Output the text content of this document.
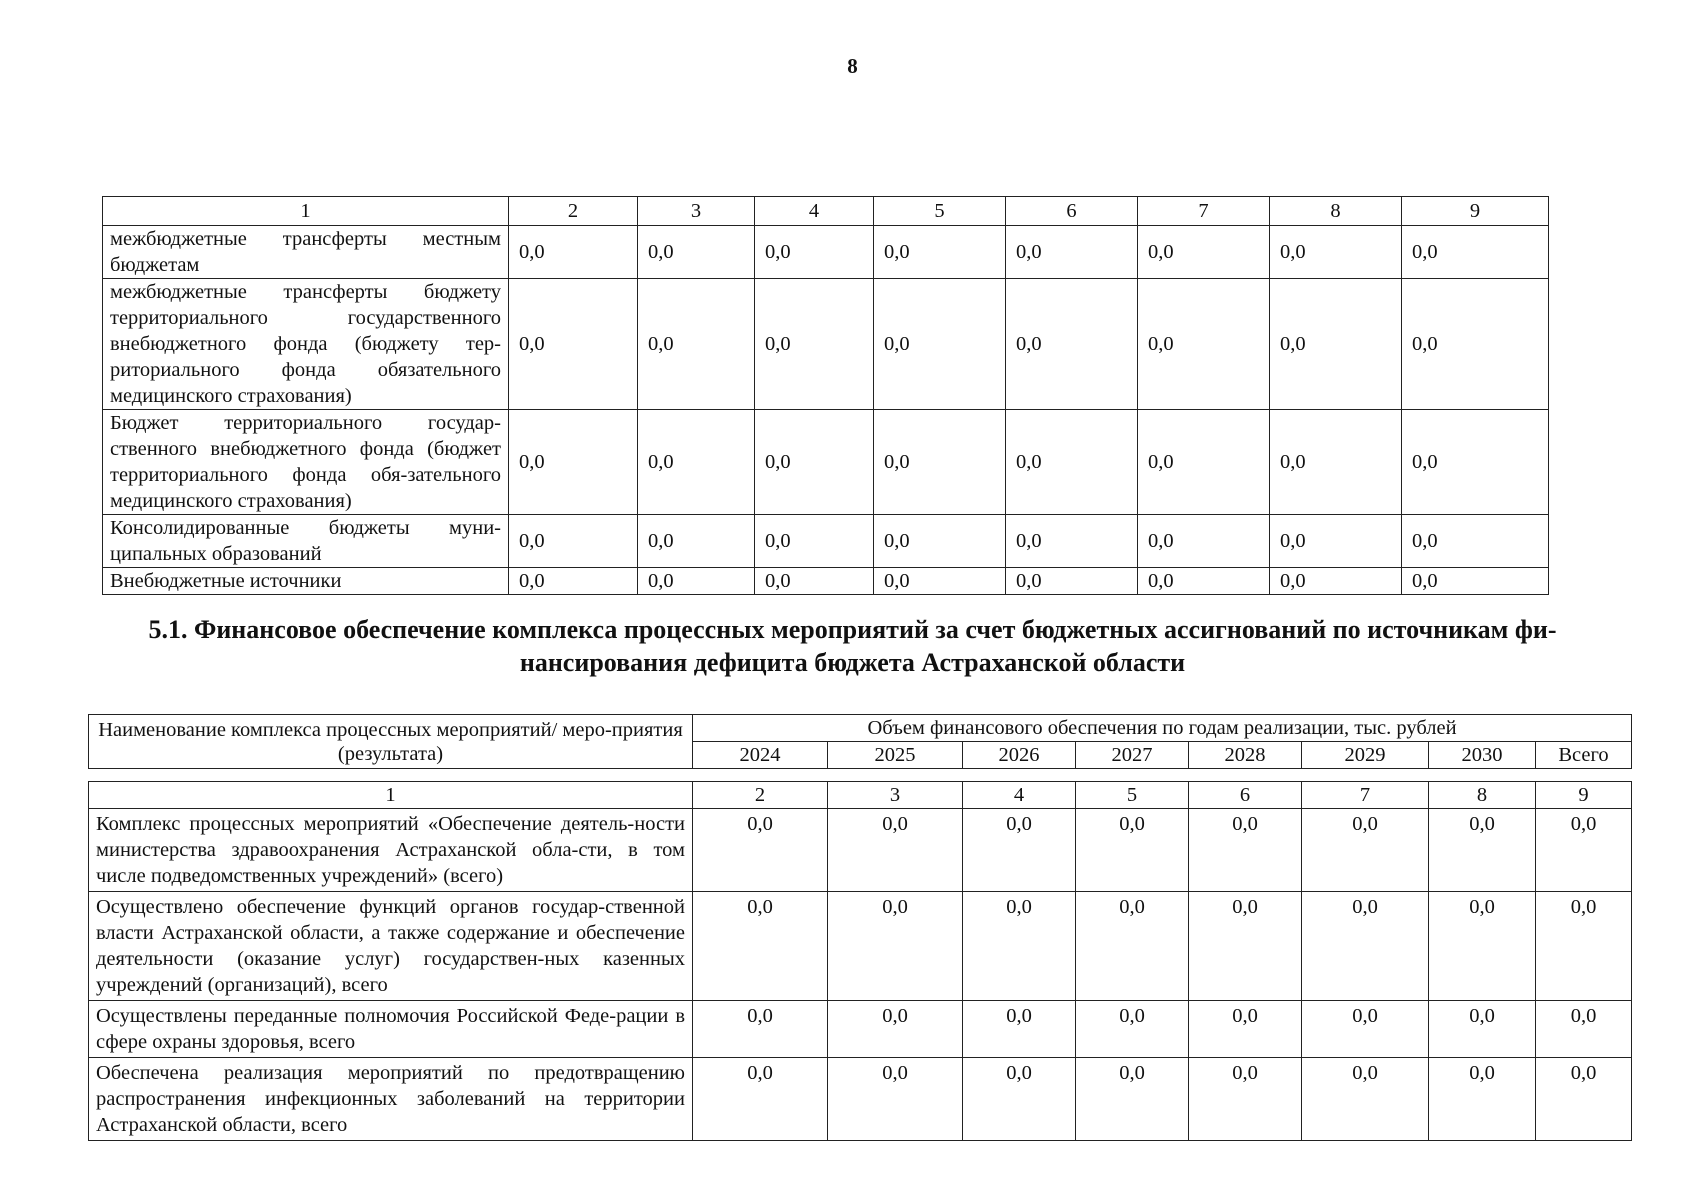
8
1	2	3	4	5	6	7	8	9
межбюджетные трансферты местным бюджетам	0,0	0,0	0,0	0,0	0,0	0,0	0,0	0,0
межбюджетные трансферты бюджету территориального государственного внебюджетного фонда (бюджету тер-риториального фонда обязательного медицинского страхования)	0,0	0,0	0,0	0,0	0,0	0,0	0,0	0,0
Бюджет территориального государ-ственного внебюджетного фонда (бюджет территориального фонда обя-зательного медицинского страхования)	0,0	0,0	0,0	0,0	0,0	0,0	0,0	0,0
Консолидированные бюджеты муни-ципальных образований	0,0	0,0	0,0	0,0	0,0	0,0	0,0	0,0
Внебюджетные источники	0,0	0,0	0,0	0,0	0,0	0,0	0,0	0,0
5.1. Финансовое обеспечение комплекса процессных мероприятий за счет бюджетных ассигнований по источникам фи-нансирования дефицита бюджета Астраханской области
Наименование комплекса процессных мероприятий/ меро-приятия (результата)	Объем финансового обеспечения по годам реализации, тыс. рублей							
	2024	2025	2026	2027	2028	2029	2030	Всего
1	2	3	4	5	6	7	8	9
Комплекс процессных мероприятий «Обеспечение деятель-ности министерства здравоохранения Астраханской обла-сти, в том числе подведомственных учреждений» (всего)	0,0	0,0	0,0	0,0	0,0	0,0	0,0	0,0
Осуществлено обеспечение функций органов государ-ственной власти Астраханской области, а также содержание и обеспечение деятельности (оказание услуг) государствен-ных казенных учреждений (организаций), всего	0,0	0,0	0,0	0,0	0,0	0,0	0,0	0,0
Осуществлены переданные полномочия Российской Феде-рации в сфере охраны здоровья, всего	0,0	0,0	0,0	0,0	0,0	0,0	0,0	0,0
Обеспечена реализация мероприятий по предотвращению распространения инфекционных заболеваний на территории Астраханской области, всего	0,0	0,0	0,0	0,0	0,0	0,0	0,0	0,0
